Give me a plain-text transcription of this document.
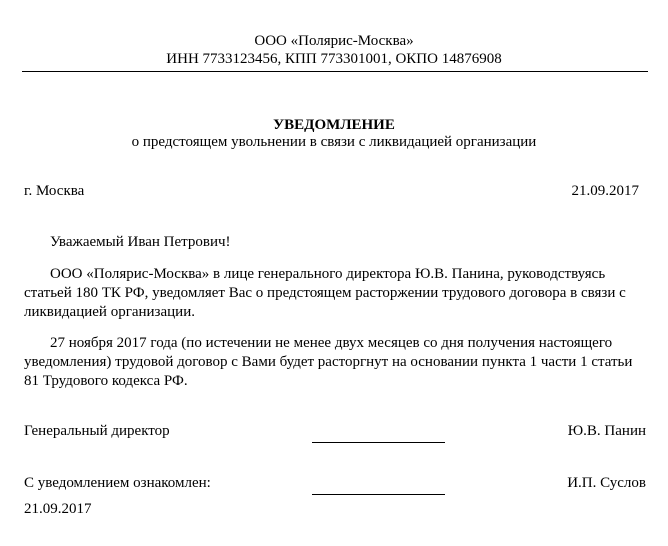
ООО «Полярис-Москва»
ИНН 7733123456, КПП 773301001, ОКПО 14876908
УВЕДОМЛЕНИЕ
о предстоящем увольнении в связи с ликвидацией организации
г. Москва	21.09.2017
Уважаемый Иван Петрович!
ООО «Полярис-Москва» в лице генерального директора Ю.В. Панина, руководствуясь статьей 180 ТК РФ, уведомляет Вас о предстоящем расторжении трудового договора в связи с ликвидацией организации.
27 ноября 2017 года (по истечении не менее двух месяцев со дня получения настоящего уведомления) трудовой договор с Вами будет расторгнут на основании пункта 1 части 1 статьи 81 Трудового кодекса РФ.
Генеральный директор	Ю.В. Панин
С уведомлением ознакомлен:	И.П. Суслов
21.09.2017
